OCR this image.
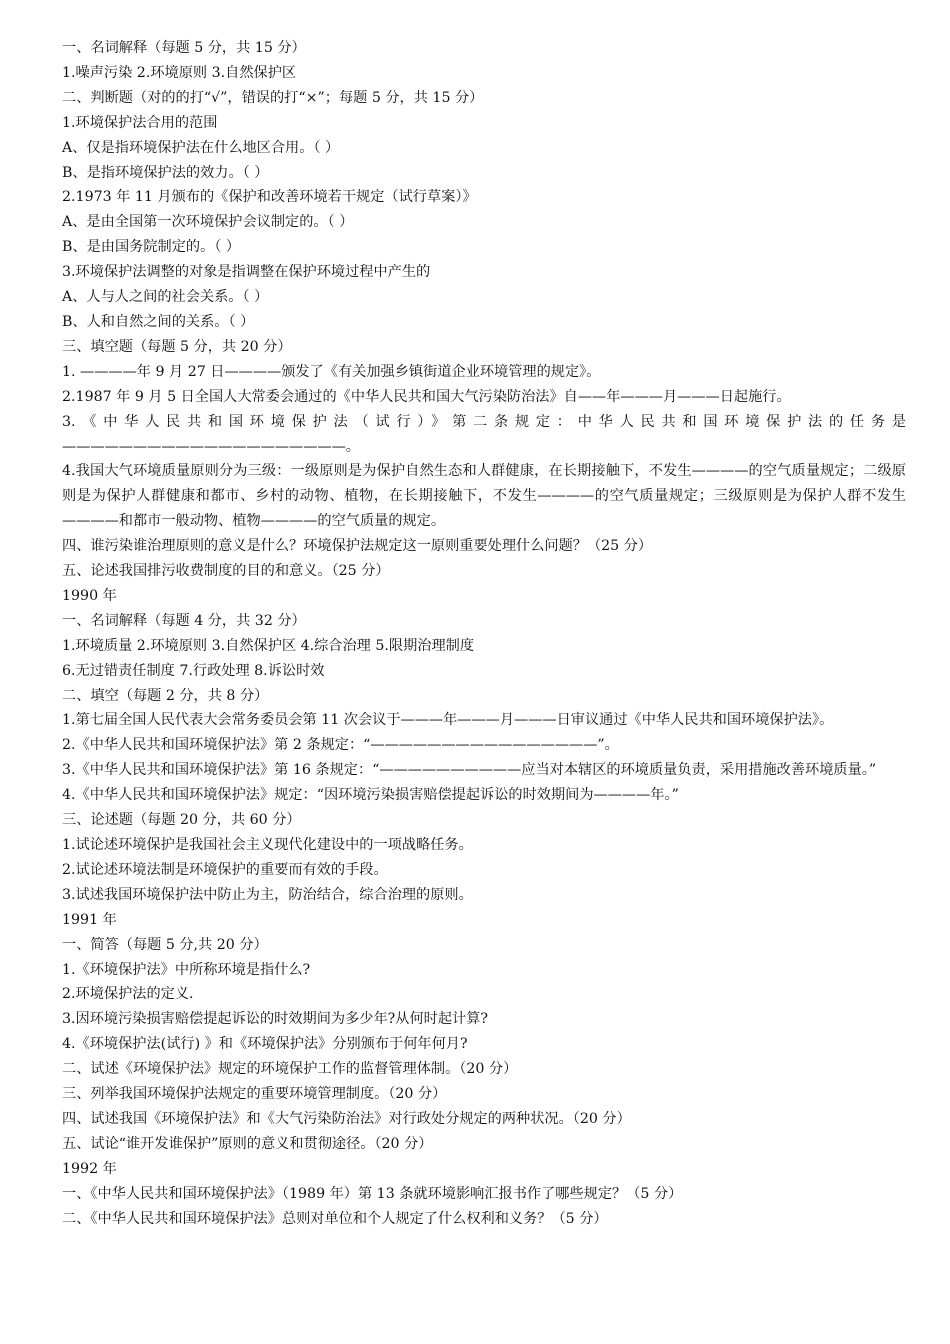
一、名词解释（每题 5 分，共 15 分）

1.噪声污染 2.环境原则 3.自然保护区

二、判断题（对的的打“√”，错误的打“×”；每题 5 分，共 15 分）

1.环境保护法合用的范围

A、仅是指环境保护法在什么地区合用。（ ）

B、是指环境保护法的效力。（ ）

2.1973 年 11 月颁布的《保护和改善环境若干规定（试行草案）》

A、是由全国第一次环境保护会议制定的。（ ）

B、是由国务院制定的。（ ）

3.环境保护法调整的对象是指调整在保护环境过程中产生的

A、人与人之间的社会关系。（ ）

B、人和自然之间的关系。（ ）

三、填空题（每题 5 分，共 20 分）

1. ————年 9 月 27 日————颁发了《有关加强乡镇街道企业环境管理的规定》。

2.1987 年 9 月 5 日全国人大常委会通过的《中华人民共和国大气污染防治法》自——年———月———日起施行。

3.《中华人民共和国环境保护法（试行）》第二条规定：中华人民共和国环境保护法的任务是————————————————————。

4.我国大气环境质量原则分为三级：一级原则是为保护自然生态和人群健康，在长期接触下，不发生————的空气质量规定；二级原则是为保护人群健康和都市、乡村的动物、植物，在长期接触下，不发生————的空气质量规定；三级原则是为保护人群不发生————和都市一般动物、植物————的空气质量的规定。

四、谁污染谁治理原则的意义是什么？环境保护法规定这一原则重要处理什么问题？（25 分）

五、论述我国排污收费制度的目的和意义。（25 分）

1990 年

一、名词解释（每题 4 分，共 32 分）

1.环境质量 2.环境原则 3.自然保护区 4.综合治理 5.限期治理制度

6.无过错责任制度 7.行政处理 8.诉讼时效

二、填空（每题 2 分，共 8 分）

1.第七届全国人民代表大会常务委员会第 11 次会议于———年———月———日审议通过《中华人民共和国环境保护法》。

2.《中华人民共和国环境保护法》第 2 条规定：“————————————————”。

3.《中华人民共和国环境保护法》第 16 条规定：“——————————应当对本辖区的环境质量负责，采用措施改善环境质量。”

4.《中华人民共和国环境保护法》规定：“因环境污染损害赔偿提起诉讼的时效期间为————年。”

三、论述题（每题 20 分，共 60 分）

1.试论述环境保护是我国社会主义现代化建设中的一项战略任务。

2.试论述环境法制是环境保护的重要而有效的手段。

3.试述我国环境保护法中防止为主，防治结合，综合治理的原则。

1991 年

一、简答（每题 5 分,共 20 分）

1.《环境保护法》中所称环境是指什么?

2.环境保护法的定义.

3.因环境污染损害赔偿提起诉讼的时效期间为多少年?从何时起计算?

4.《环境保护法(试行) 》和《环境保护法》分别颁布于何年何月?

二、试述《环境保护法》规定的环境保护工作的监督管理体制。（20 分）

三、列举我国环境保护法规定的重要环境管理制度。（20 分）

四、试述我国《环境保护法》和《大气污染防治法》对行政处分规定的两种状况。（20 分）

五、试论“谁开发谁保护”原则的意义和贯彻途径。（20 分）

1992 年

一、《中华人民共和国环境保护法》（1989 年）第 13 条就环境影响汇报书作了哪些规定？（5 分）

二、《中华人民共和国环境保护法》总则对单位和个人规定了什么权利和义务？（5 分）
